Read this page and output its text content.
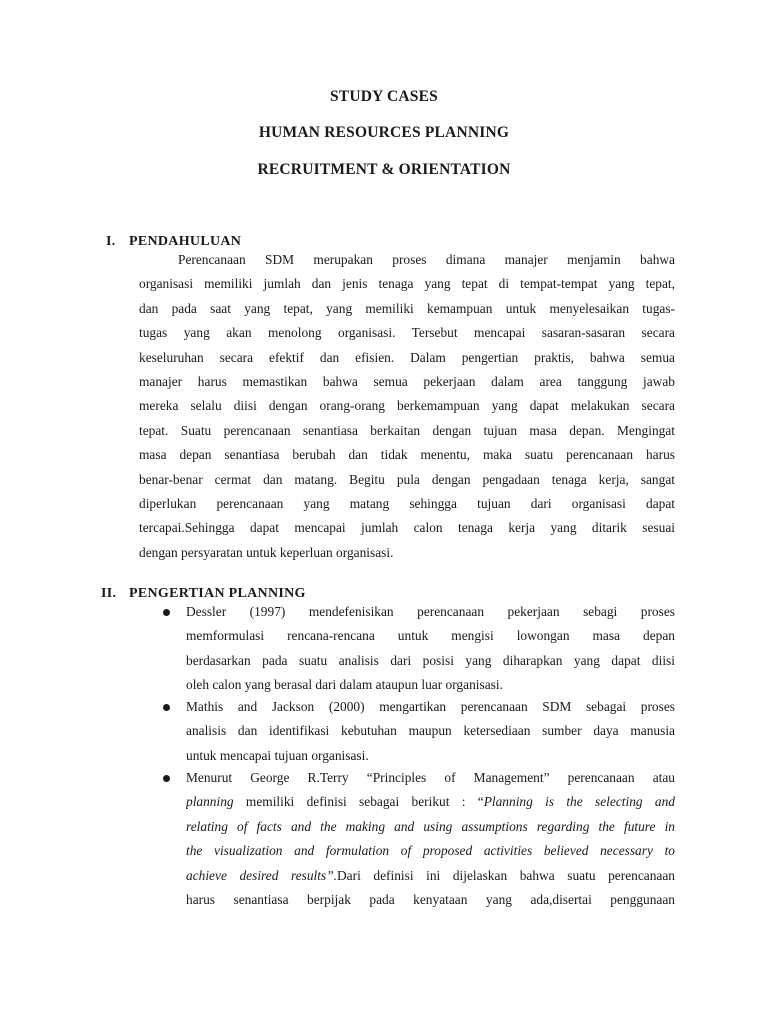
STUDY CASES
HUMAN RESOURCES PLANNING
RECRUITMENT & ORIENTATION
I. PENDAHULUAN
Perencanaan SDM merupakan proses dimana manajer menjamin bahwa
organisasi memiliki jumlah dan jenis tenaga yang tepat di tempat-tempat yang tepat,
dan pada saat yang tepat, yang memiliki kemampuan untuk menyelesaikan tugas-
tugas yang akan menolong organisasi. Tersebut mencapai sasaran-sasaran secara
keseluruhan secara efektif dan efisien. Dalam pengertian praktis, bahwa semua
manajer harus memastikan bahwa semua pekerjaan dalam area tanggung jawab
mereka selalu diisi dengan orang-orang berkemampuan yang dapat melakukan secara
tepat. Suatu perencanaan senantiasa berkaitan dengan tujuan masa depan. Mengingat
masa depan senantiasa berubah dan tidak menentu, maka suatu perencanaan harus
benar-benar cermat dan matang. Begitu pula dengan pengadaan tenaga kerja, sangat
diperlukan perencanaan yang matang sehingga tujuan dari organisasi dapat
tercapai.Sehingga dapat mencapai jumlah calon tenaga kerja yang ditarik sesuai
dengan persyaratan untuk keperluan organisasi.
II. PENGERTIAN PLANNING
Dessler (1997) mendefenisikan perencanaan pekerjaan sebagi proses
memformulasi rencana-rencana untuk mengisi lowongan masa depan
berdasarkan pada suatu analisis dari posisi yang diharapkan yang dapat diisi
oleh calon yang berasal dari dalam ataupun luar organisasi.
Mathis and Jackson (2000) mengartikan perencanaan SDM sebagai proses
analisis dan identifikasi kebutuhan maupun ketersediaan sumber daya manusia
untuk mencapai tujuan organisasi.
Menurut George R.Terry “Principles of Management” perencanaan atau
planning memiliki definisi sebagai berikut : “Planning is the selecting and
relating of facts and the making and using assumptions regarding the future in
the visualization and formulation of proposed activities believed necessary to
achieve desired results”.Dari definisi ini dijelaskan bahwa suatu perencanaan
harus senantiasa berpijak pada kenyataan yang ada,disertai penggunaan
